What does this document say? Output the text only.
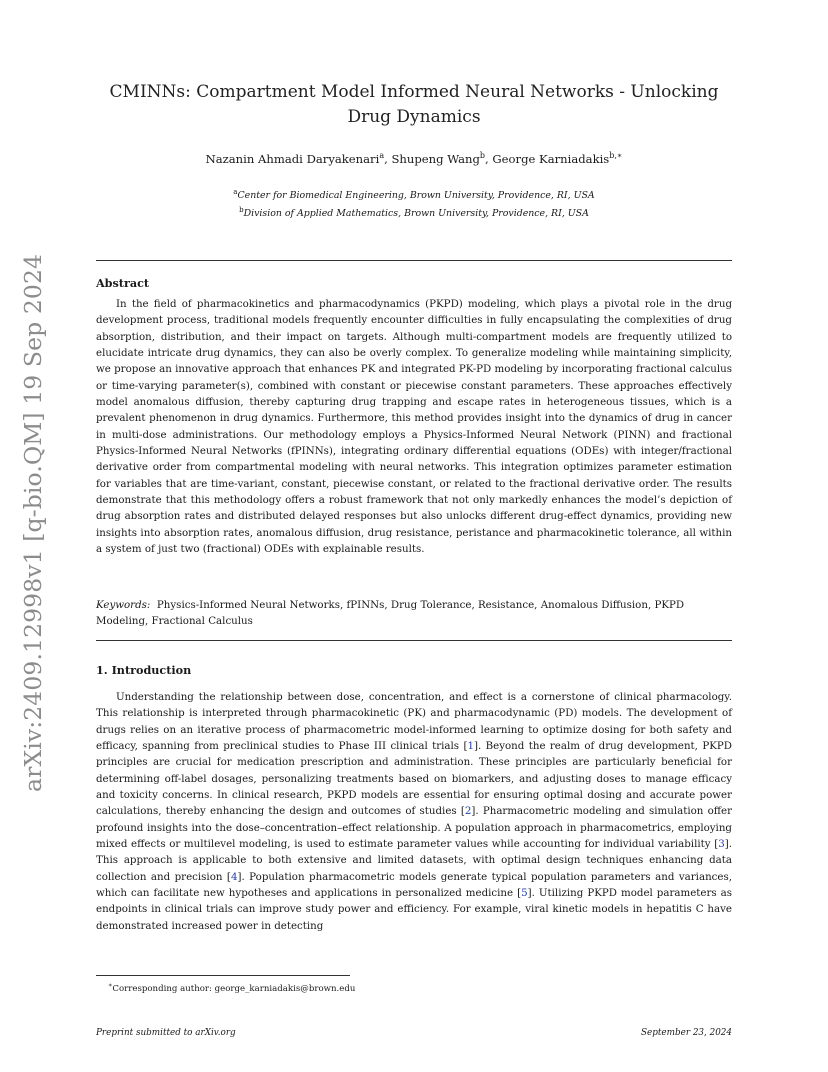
arXiv:2409.12998v1 [q-bio.QM] 19 Sep 2024
CMINNs: Compartment Model Informed Neural Networks - Unlocking Drug Dynamics
Nazanin Ahmadi Daryakenari$^a$, Shupeng Wang$^b$, George Karniadakis$^{b,∗}$
$^a$Center for Biomedical Engineering, Brown University, Providence, RI, USA
$^b$Division of Applied Mathematics, Brown University, Providence, RI, USA
Abstract

In the field of pharmacokinetics and pharmacodynamics (PKPD) modeling, which plays a pivotal role in the drug development process, traditional models frequently encounter difficulties in fully encapsulating the complexities of drug absorption, distribution, and their impact on targets. Although multi-compartment models are frequently utilized to elucidate intricate drug dynamics, they can also be overly complex. To generalize modeling while maintaining simplicity, we propose an innovative approach that enhances PK and integrated PK-PD modeling by incorporating fractional calculus or time-varying parameter(s), combined with constant or piecewise constant parameters. These approaches effectively model anomalous diffusion, thereby capturing drug trapping and escape rates in heterogeneous tissues, which is a prevalent phenomenon in drug dynamics. Furthermore, this method provides insight into the dynamics of drug in cancer in multi-dose administrations. Our methodology employs a Physics-Informed Neural Network (PINN) and fractional Physics-Informed Neural Networks (fPINNs), integrating ordinary differential equations (ODEs) with integer/fractional derivative order from compartmental modeling with neural networks. This integration optimizes parameter estimation for variables that are time-variant, constant, piecewise constant, or related to the fractional derivative order. The results demonstrate that this methodology offers a robust framework that not only markedly enhances the model’s depiction of drug absorption rates and distributed delayed responses but also unlocks different drug-effect dynamics, providing new insights into absorption rates, anomalous diffusion, drug resistance, peristance and pharmacokinetic tolerance, all within a system of just two (fractional) ODEs with explainable results.

Keywords: Physics-Informed Neural Networks, fPINNs, Drug Tolerance, Resistance, Anomalous Diffusion, PKPD Modeling, Fractional Calculus

1. Introduction

Understanding the relationship between dose, concentration, and effect is a cornerstone of clinical pharmacology. This relationship is interpreted through pharmacokinetic (PK) and pharmacodynamic (PD) models. The development of drugs relies on an iterative process of pharmacometric model-informed learning to optimize dosing for both safety and efficacy, spanning from preclinical studies to Phase III clinical trials [1]. Beyond the realm of drug development, PKPD principles are crucial for medication prescription and administration. These principles are particularly beneficial for determining off-label dosages, personalizing treatments based on biomarkers, and adjusting doses to manage efficacy and toxicity concerns. In clinical research, PKPD models are essential for ensuring optimal dosing and accurate power calculations, thereby enhancing the design and outcomes of studies [2]. Pharmacometric modeling and simulation offer profound insights into the dose–concentration–effect relationship. A population approach in pharmacometrics, employing mixed effects or multilevel modeling, is used to estimate parameter values while accounting for individual variability [3]. This approach is applicable to both extensive and limited datasets, with optimal design techniques enhancing data collection and precision [4]. Population pharmacometric models generate typical population parameters and variances, which can facilitate new hypotheses and applications in personalized medicine [5]. Utilizing PKPD model parameters as endpoints in clinical trials can improve study power and efficiency. For example, viral kinetic models in hepatitis C have demonstrated increased power in detecting

∗Corresponding author: george_karniadakis@brown.edu
Preprint submitted to arXiv.org	September 23, 2024
